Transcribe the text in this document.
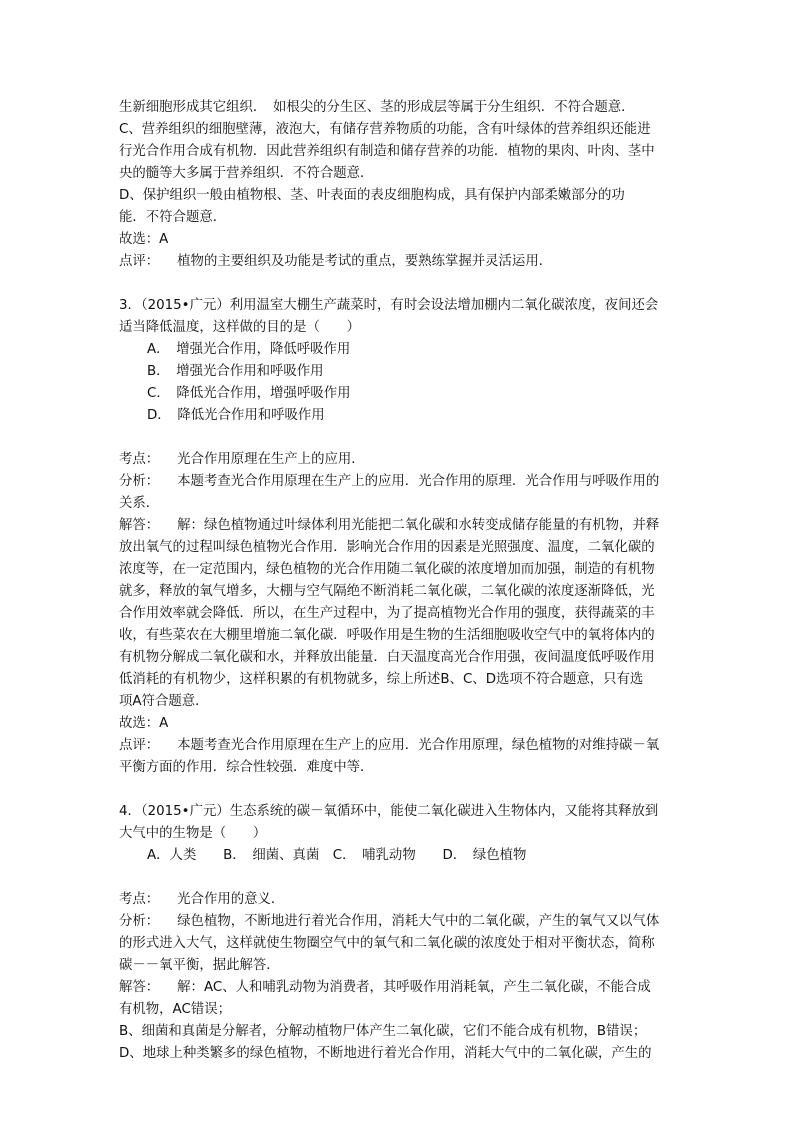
生新细胞形成其它组织．　如根尖的分生区、茎的形成层等属于分生组织．不符合题意．
C、营养组织的细胞壁薄，液泡大，有储存营养物质的功能，含有叶绿体的营养组织还能进
行光合作用合成有机物．因此营养组织有制造和储存营养的功能．植物的果肉、叶肉、茎中
央的髓等大多属于营养组织．不符合题意．
D、保护组织一般由植物根、茎、叶表面的表皮细胞构成，具有保护内部柔嫩部分的功
能．不符合题意．
故选：A
点评： 植物的主要组织及功能是考试的重点，要熟练掌握并灵活运用．
3．（2015•广元）利用温室大棚生产蔬菜时，有时会设法增加棚内二氧化碳浓度，夜间还会
适当降低温度，这样做的目的是（　　）
A．　增强光合作用，降低呼吸作用
B．　增强光合作用和呼吸作用
C．　降低光合作用，增强呼吸作用
D．　降低光合作用和呼吸作用
考点： 光合作用原理在生产上的应用．
分析： 本题考查光合作用原理在生产上的应用．光合作用的原理．光合作用与呼吸作用的
关系．
解答： 解：绿色植物通过叶绿体利用光能把二氧化碳和水转变成储存能量的有机物，并释
放出氧气的过程叫绿色植物光合作用．影响光合作用的因素是光照强度、温度，二氧化碳的
浓度等，在一定范围内，绿色植物的光合作用随二氧化碳的浓度增加而加强，制造的有机物
就多，释放的氧气增多，大棚与空气隔绝不断消耗二氧化碳，二氧化碳的浓度逐渐降低，光
合作用效率就会降低．所以，在生产过程中，为了提高植物光合作用的强度，获得蔬菜的丰
收，有些菜农在大棚里增施二氧化碳．呼吸作用是生物的生活细胞吸收空气中的氧将体内的
有机物分解成二氧化碳和水，并释放出能量．白天温度高光合作用强，夜间温度低呼吸作用
低消耗的有机物少，这样积累的有机物就多，综上所述B、C、D选项不符合题意，只有选
项A符合题意．
故选：A
点评： 本题考查光合作用原理在生产上的应用．光合作用原理，绿色植物的对维持碳－氧
平衡方面的作用．综合性较强．难度中等．
4．（2015•广元）生态系统的碳－氧循环中，能使二氧化碳进入生物体内，又能将其释放到
大气中的生物是（　　）
A．人类　　B．　细菌、真菌　C．　哺乳动物　　D．　绿色植物
考点： 光合作用的意义．
分析： 绿色植物，不断地进行着光合作用，消耗大气中的二氧化碳，产生的氧气又以气体
的形式进入大气，这样就使生物圈空气中的氧气和二氧化碳的浓度处于相对平衡状态，简称
碳－－氧平衡，据此解答．
解答： 解：AC、人和哺乳动物为消费者，其呼吸作用消耗氧，产生二氧化碳，不能合成
有机物，AC错误；
B、细菌和真菌是分解者，分解动植物尸体产生二氧化碳，它们不能合成有机物，B错误；
D、地球上种类繁多的绿色植物，不断地进行着光合作用，消耗大气中的二氧化碳，产生的
